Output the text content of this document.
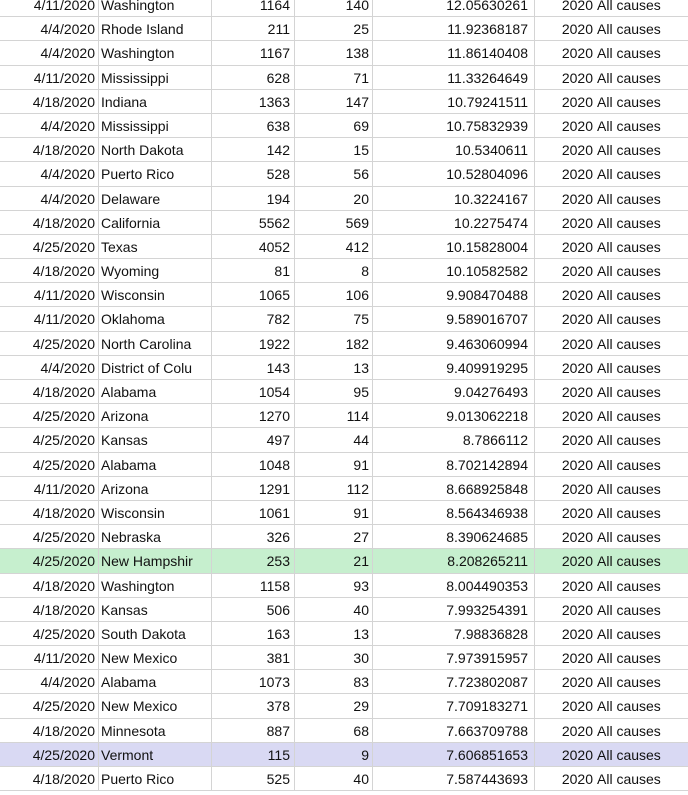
4/11/2020 Washington	1164	140	12.05630261	2020 All causes
4/4/2020 Rhode Island	211	25	11.92368187	2020 All causes
4/4/2020 Washington	1167	138	11.86140408	2020 All causes
4/11/2020 Mississippi	628	71	11.33264649	2020 All causes
4/18/2020 Indiana	1363	147	10.79241511	2020 All causes
4/4/2020 Mississippi	638	69	10.75832939	2020 All causes
4/18/2020 North Dakota	142	15	10.5340611	2020 All causes
4/4/2020 Puerto Rico	528	56	10.52804096	2020 All causes
4/4/2020 Delaware	194	20	10.3224167	2020 All causes
4/18/2020 California	5562	569	10.2275474	2020 All causes
4/25/2020 Texas	4052	412	10.15828004	2020 All causes
4/18/2020 Wyoming	81	8	10.10582582	2020 All causes
4/11/2020 Wisconsin	1065	106	9.908470488	2020 All causes
4/11/2020 Oklahoma	782	75	9.589016707	2020 All causes
4/25/2020 North Carolina	1922	182	9.463060994	2020 All causes
4/4/2020 District of Colu	143	13	9.409919295	2020 All causes
4/18/2020 Alabama	1054	95	9.04276493	2020 All causes
4/25/2020 Arizona	1270	114	9.013062218	2020 All causes
4/25/2020 Kansas	497	44	8.7866112	2020 All causes
4/25/2020 Alabama	1048	91	8.702142894	2020 All causes
4/11/2020 Arizona	1291	112	8.668925848	2020 All causes
4/18/2020 Wisconsin	1061	91	8.564346938	2020 All causes
4/25/2020 Nebraska	326	27	8.390624685	2020 All causes
4/25/2020 New Hampshir	253	21	8.208265211	2020 All causes
4/18/2020 Washington	1158	93	8.004490353	2020 All causes
4/18/2020 Kansas	506	40	7.993254391	2020 All causes
4/25/2020 South Dakota	163	13	7.98836828	2020 All causes
4/11/2020 New Mexico	381	30	7.973915957	2020 All causes
4/4/2020 Alabama	1073	83	7.723802087	2020 All causes
4/25/2020 New Mexico	378	29	7.709183271	2020 All causes
4/18/2020 Minnesota	887	68	7.663709788	2020 All causes
4/25/2020 Vermont	115	9	7.606851653	2020 All causes
4/18/2020 Puerto Rico	525	40	7.587443693	2020 All causes
